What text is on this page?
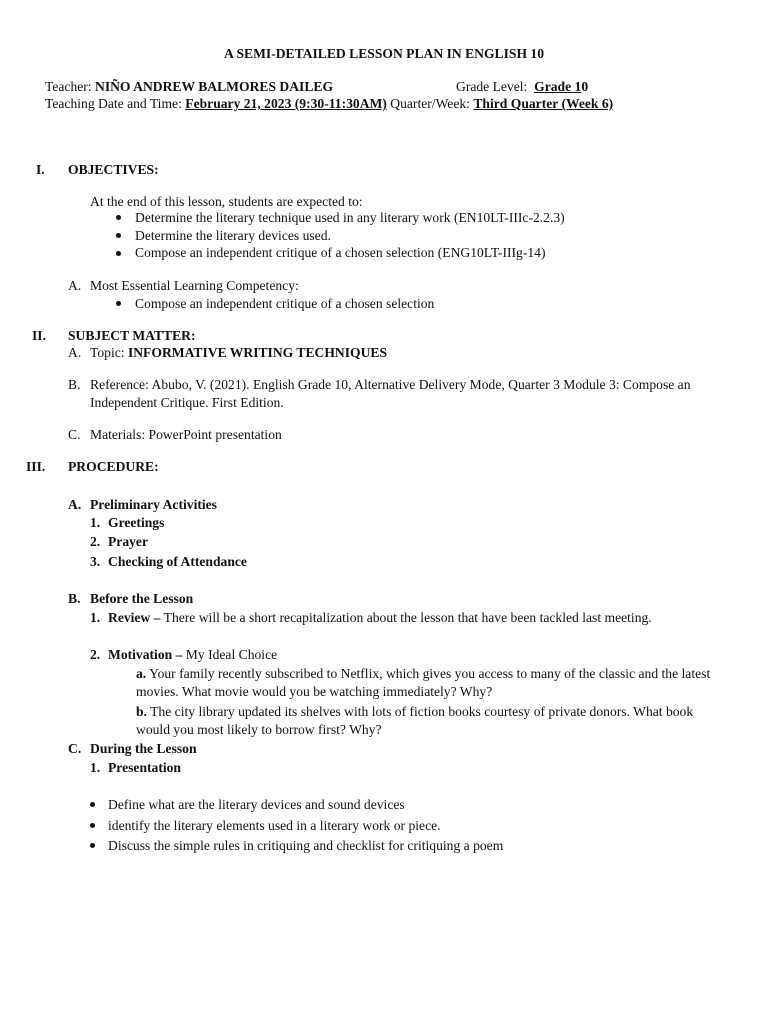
A SEMI-DETAILED LESSON PLAN IN ENGLISH 10
Teacher: NIÑO ANDREW BALMORES DAILEG	Grade Level: Grade 10
Teaching Date and Time: February 21, 2023 (9:30-11:30AM) Quarter/Week: Third Quarter (Week 6)
I. OBJECTIVES:
At the end of this lesson, students are expected to:
Determine the literary technique used in any literary work (EN10LT-IIIc-2.2.3)
Determine the literary devices used.
Compose an independent critique of a chosen selection (ENG10LT-IIIg-14)
A. Most Essential Learning Competency:
Compose an independent critique of a chosen selection
II. SUBJECT MATTER:
A. Topic: INFORMATIVE WRITING TECHNIQUES
B. Reference: Abubo, V. (2021). English Grade 10, Alternative Delivery Mode, Quarter 3 Module 3: Compose an
Independent Critique. First Edition.
C. Materials: PowerPoint presentation
III. PROCEDURE:
A. Preliminary Activities
1. Greetings
2. Prayer
3. Checking of Attendance
B. Before the Lesson
1. Review – There will be a short recapitalization about the lesson that have been tackled last meeting.
2. Motivation – My Ideal Choice
a. Your family recently subscribed to Netflix, which gives you access to many of the classic and the latest
movies. What movie would you be watching immediately? Why?
b. The city library updated its shelves with lots of fiction books courtesy of private donors. What book
would you most likely to borrow first? Why?
C. During the Lesson
1. Presentation
Define what are the literary devices and sound devices
identify the literary elements used in a literary work or piece.
Discuss the simple rules in critiquing and checklist for critiquing a poem
